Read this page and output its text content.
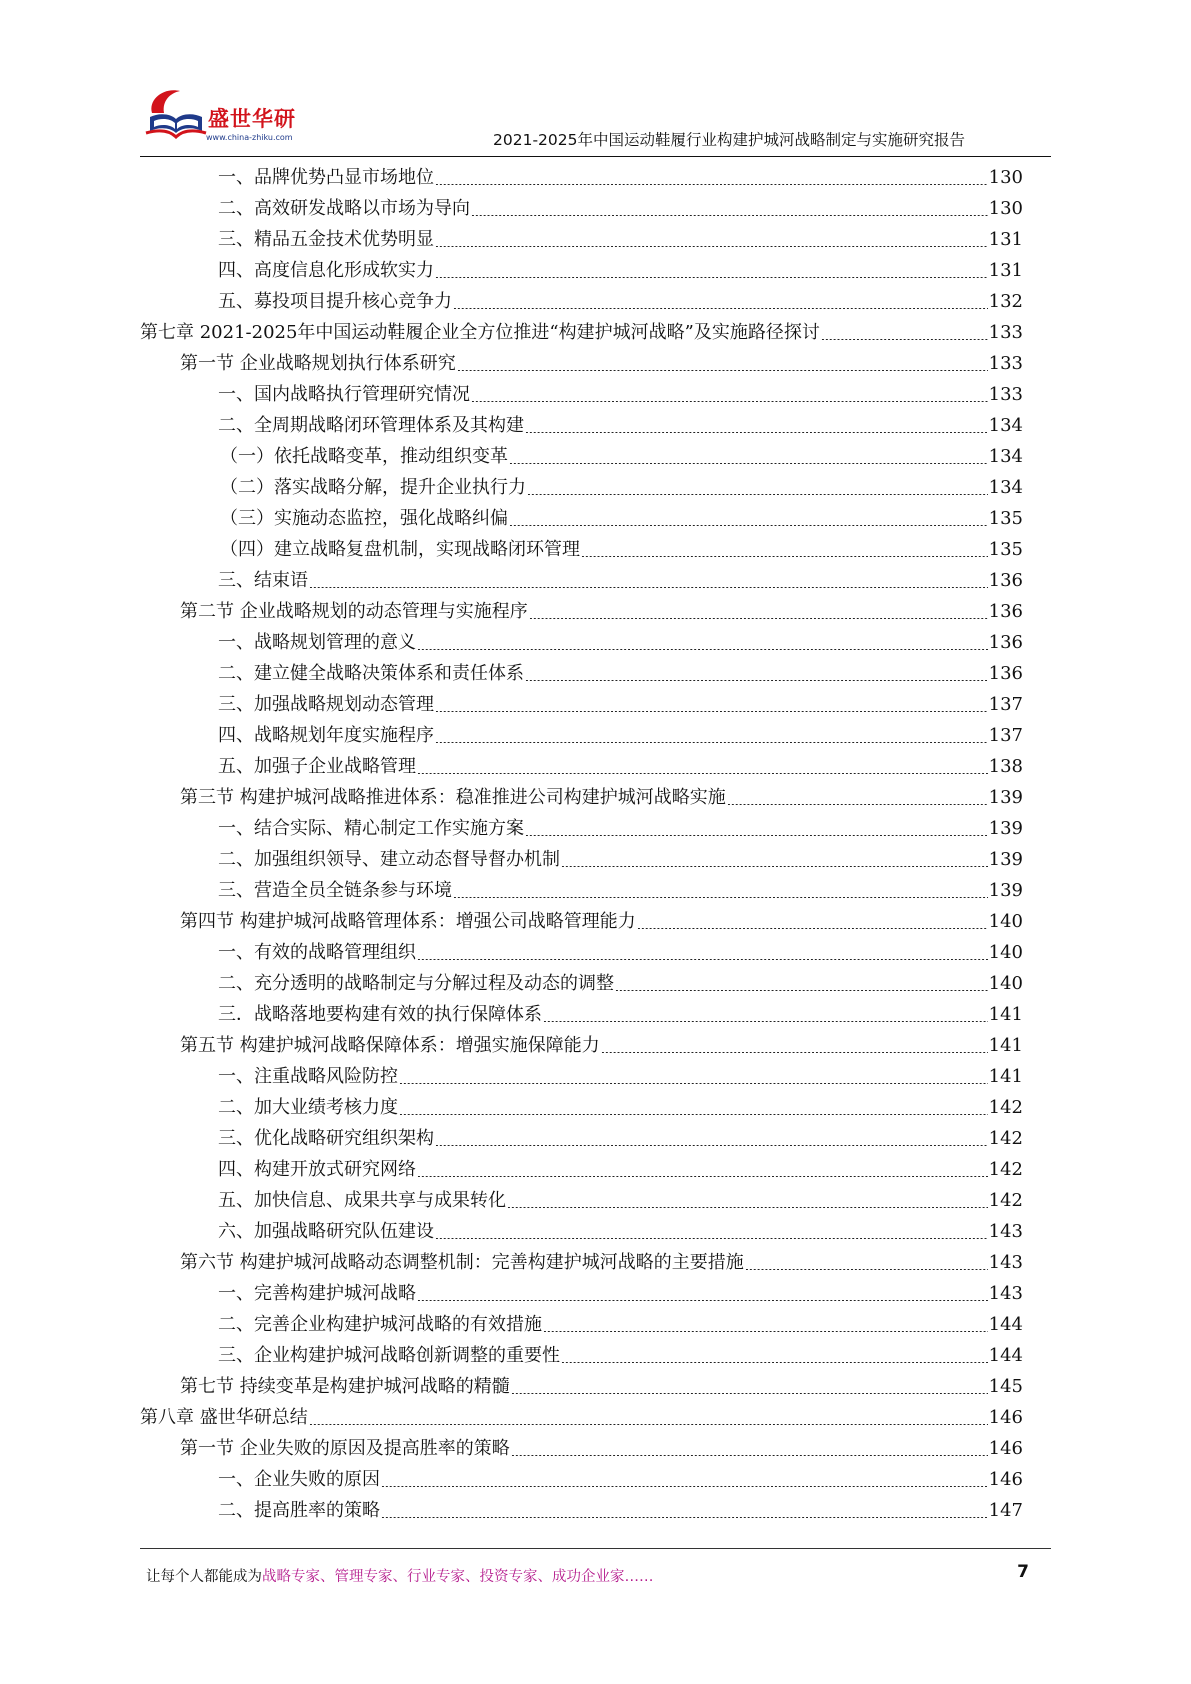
盛世华研
www.china-zhiku.com	2021-2025年中国运动鞋履行业构建护城河战略制定与实施研究报告
一、品牌优势凸显市场地位	130
二、高效研发战略以市场为导向	130
三、精品五金技术优势明显	131
四、高度信息化形成软实力	131
五、募投项目提升核心竞争力	132
第七章 2021-2025年中国运动鞋履企业全方位推进“构建护城河战略”及实施路径探讨	133
第一节 企业战略规划执行体系研究	133
一、国内战略执行管理研究情况	133
二、全周期战略闭环管理体系及其构建	134
（一）依托战略变革，推动组织变革	134
（二）落实战略分解，提升企业执行力	134
（三）实施动态监控，强化战略纠偏	135
（四）建立战略复盘机制，实现战略闭环管理	135
三、结束语	136
第二节 企业战略规划的动态管理与实施程序	136
一、战略规划管理的意义	136
二、建立健全战略决策体系和责任体系	136
三、加强战略规划动态管理	137
四、战略规划年度实施程序	137
五、加强子企业战略管理	138
第三节 构建护城河战略推进体系：稳准推进公司构建护城河战略实施	139
一、结合实际、精心制定工作实施方案	139
二、加强组织领导、建立动态督导督办机制	139
三、营造全员全链条参与环境	139
第四节 构建护城河战略管理体系：增强公司战略管理能力	140
一、有效的战略管理组织	140
二、充分透明的战略制定与分解过程及动态的调整	140
三．战略落地要构建有效的执行保障体系	141
第五节 构建护城河战略保障体系：增强实施保障能力	141
一、注重战略风险防控	141
二、加大业绩考核力度	142
三、优化战略研究组织架构	142
四、构建开放式研究网络	142
五、加快信息、成果共享与成果转化	142
六、加强战略研究队伍建设	143
第六节 构建护城河战略动态调整机制：完善构建护城河战略的主要措施	143
一、完善构建护城河战略	143
二、完善企业构建护城河战略的有效措施	144
三、企业构建护城河战略创新调整的重要性	144
第七节 持续变革是构建护城河战略的精髓	145
第八章 盛世华研总结	146
第一节 企业失败的原因及提高胜率的策略	146
一、企业失败的原因	146
二、提高胜率的策略	147
让每个人都能成为战略专家、管理专家、行业专家、投资专家、成功企业家……	7
